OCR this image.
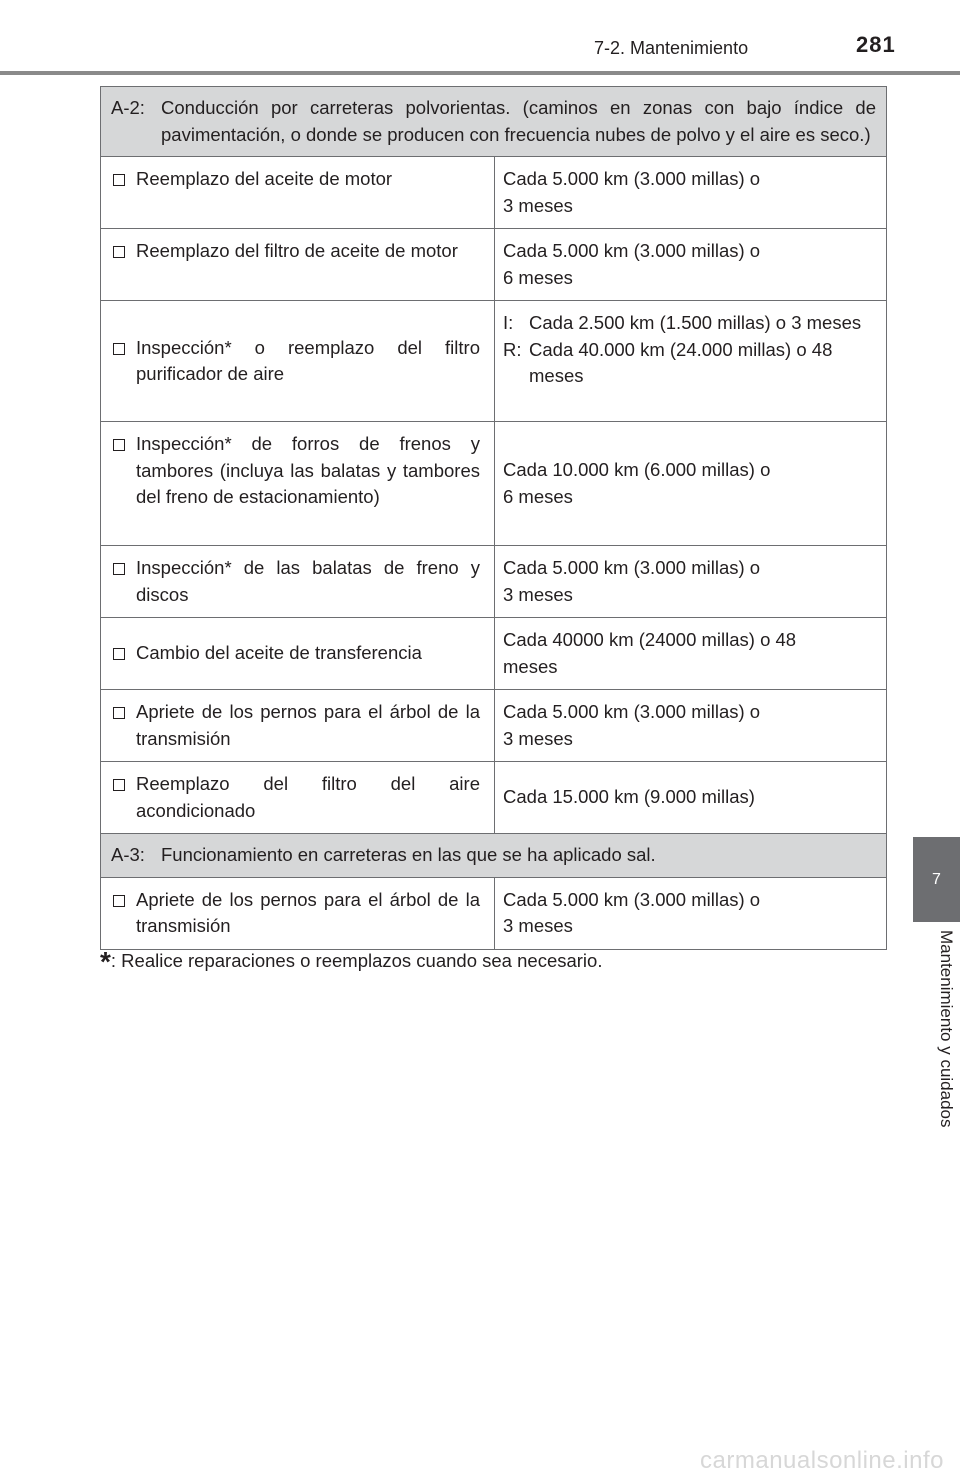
7-2. Mantenimiento	281
7
Mantenimiento y cuidados
A-2: Conducción por carreteras polvorientas. (caminos en zonas con bajo índice de pavimentación, o donde se producen con frecuencia nubes de polvo y el aire es seco.)	

Reemplazo del aceite de motor	Cada 5.000 km (3.000 millas) o
3 meses

Reemplazo del filtro de aceite de motor	Cada 5.000 km (3.000 millas) o
6 meses

Inspección* o reemplazo del filtro purificador de aire	I: Cada 2.500 km (1.500 millas) o 3 meses
R: Cada 40.000 km (24.000 millas) o 48 meses

Inspección* de forros de frenos y tambores (incluya las balatas y tambores del freno de estacionamiento)	Cada 10.000 km (6.000 millas) o
6 meses

Inspección* de las balatas de freno y discos	Cada 5.000 km (3.000 millas) o
3 meses

Cambio del aceite de transferencia	Cada 40000 km (24000 millas) o 48
meses

Apriete de los pernos para el árbol de la transmisión	Cada 5.000 km (3.000 millas) o
3 meses

Reemplazo del filtro del aire acondicionado	Cada 15.000 km (9.000 millas)

A-3: Funcionamiento en carreteras en las que se ha aplicado sal.	

Apriete de los pernos para el árbol de la transmisión	Cada 5.000 km (3.000 millas) o
3 meses
*: Realice reparaciones o reemplazos cuando sea necesario.
carmanualsonline.info
